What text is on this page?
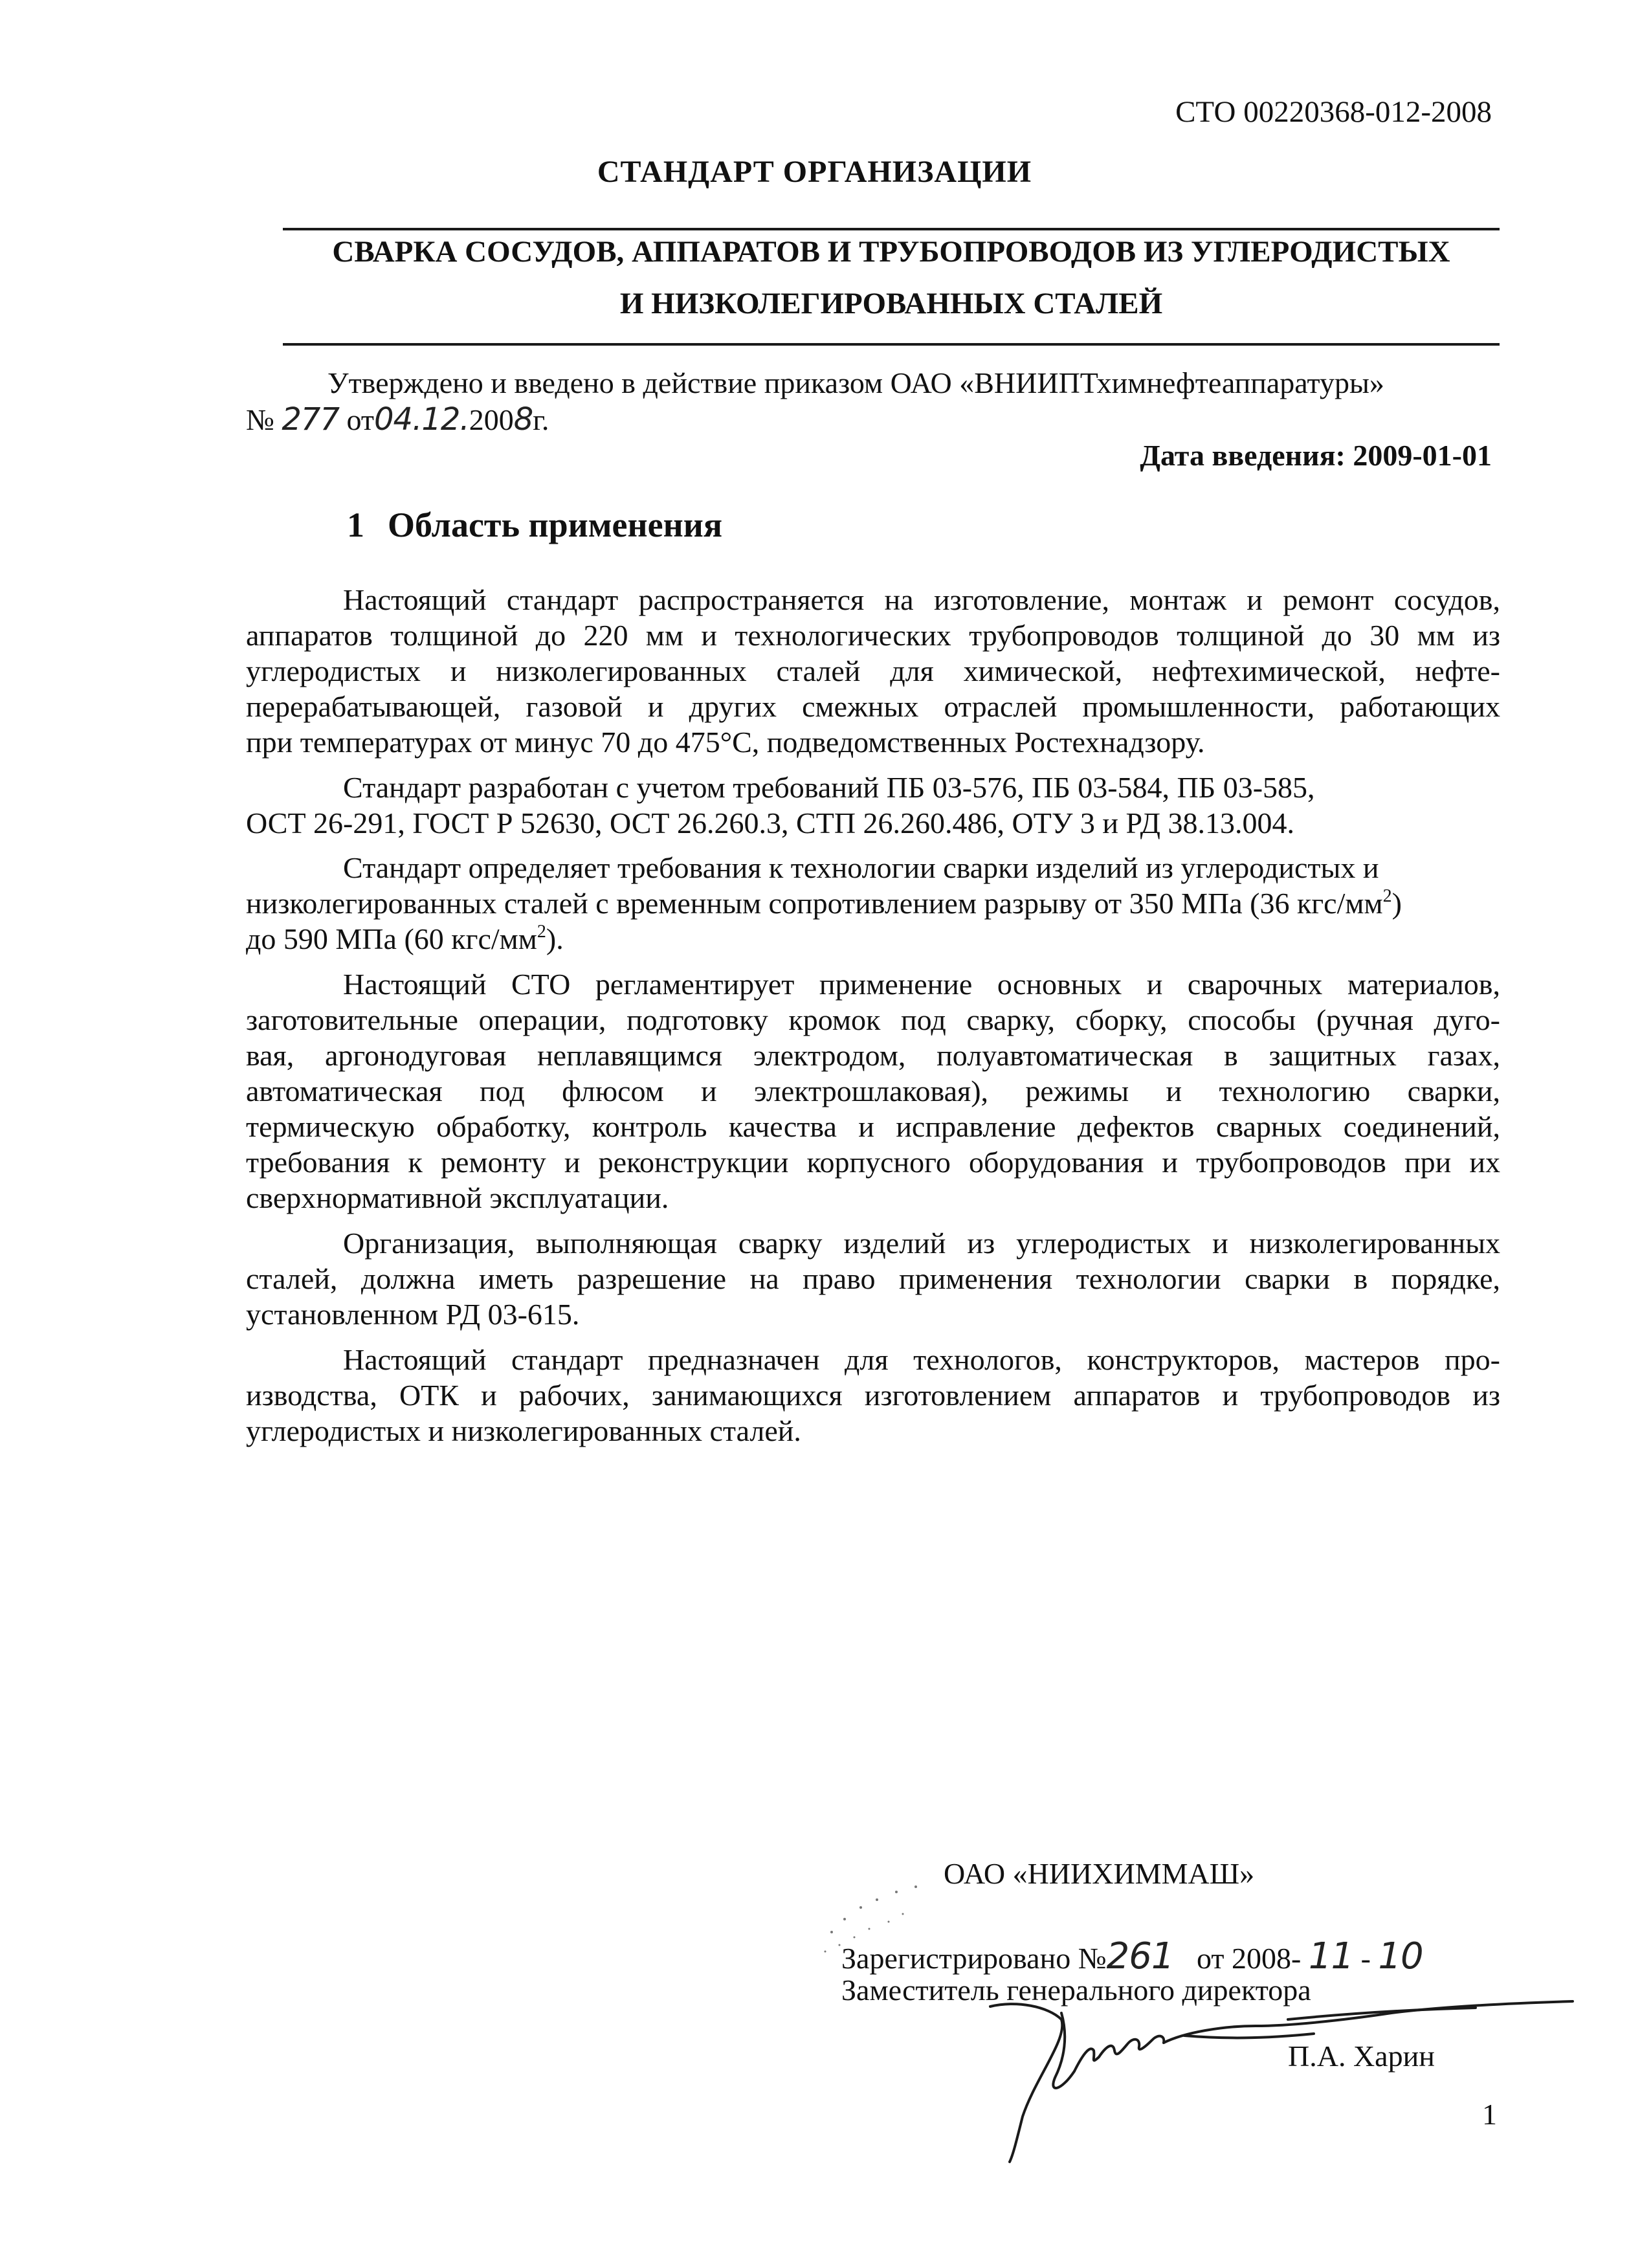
СТО 00220368-012-2008
СТАНДАРТ ОРГАНИЗАЦИИ
СВАРКА СОСУДОВ, АППАРАТОВ И ТРУБОПРОВОДОВ ИЗ УГЛЕРОДИСТЫХ
И НИЗКОЛЕГИРОВАННЫХ СТАЛЕЙ
Утверждено и введено в действие приказом ОАО «ВНИИПТхимнефтеаппаратуры»
№ 277 от04.12.2008г.
Дата введения: 2009-01-01
1 Область применения
Настоящий стандарт распространяется на изготовление, монтаж и ремонт сосудов,
аппаратов толщиной до 220 мм и технологических трубопроводов толщиной до 30 мм из
углеродистых и низколегированных сталей для химической, нефтехимической, нефте-
перерабатывающей, газовой и других смежных отраслей промышленности, работающих
при температурах от минус 70 до 475°С, подведомственных Ростехнадзору.
Стандарт разработан с учетом требований ПБ 03-576, ПБ 03-584, ПБ 03-585,
ОСТ 26-291, ГОСТ Р 52630, ОСТ 26.260.3, СТП 26.260.486, ОТУ 3 и РД 38.13.004.
Стандарт определяет требования к технологии сварки изделий из углеродистых и
низколегированных сталей с временным сопротивлением разрыву от 350 МПа (36 кгс/$мм^2$)
до 590 МПа (60 кгс/$мм^2$).
Настоящий СТО регламентирует применение основных и сварочных материалов,
заготовительные операции, подготовку кромок под сварку, сборку, способы (ручная дуго-
вая, аргонодуговая неплавящимся электродом, полуавтоматическая в защитных газах,
автоматическая под флюсом и электрошлаковая), режимы и технологию сварки,
термическую обработку, контроль качества и исправление дефектов сварных соединений,
требования к ремонту и реконструкции корпусного оборудования и трубопроводов при их
сверхнормативной эксплуатации.
Организация, выполняющая сварку изделий из углеродистых и низколегированных
сталей, должна иметь разрешение на право применения технологии сварки в порядке,
установленном РД 03-615.
Настоящий стандарт предназначен для технологов, конструкторов, мастеров про-
изводства, ОТК и рабочих, занимающихся изготовлением аппаратов и трубопроводов из
углеродистых и низколегированных сталей.
ОАО «НИИХИММАШ»
Зарегистрировано №261 от 2008- 11 - 10
Заместитель генерального директора
П.А. Харин
1
